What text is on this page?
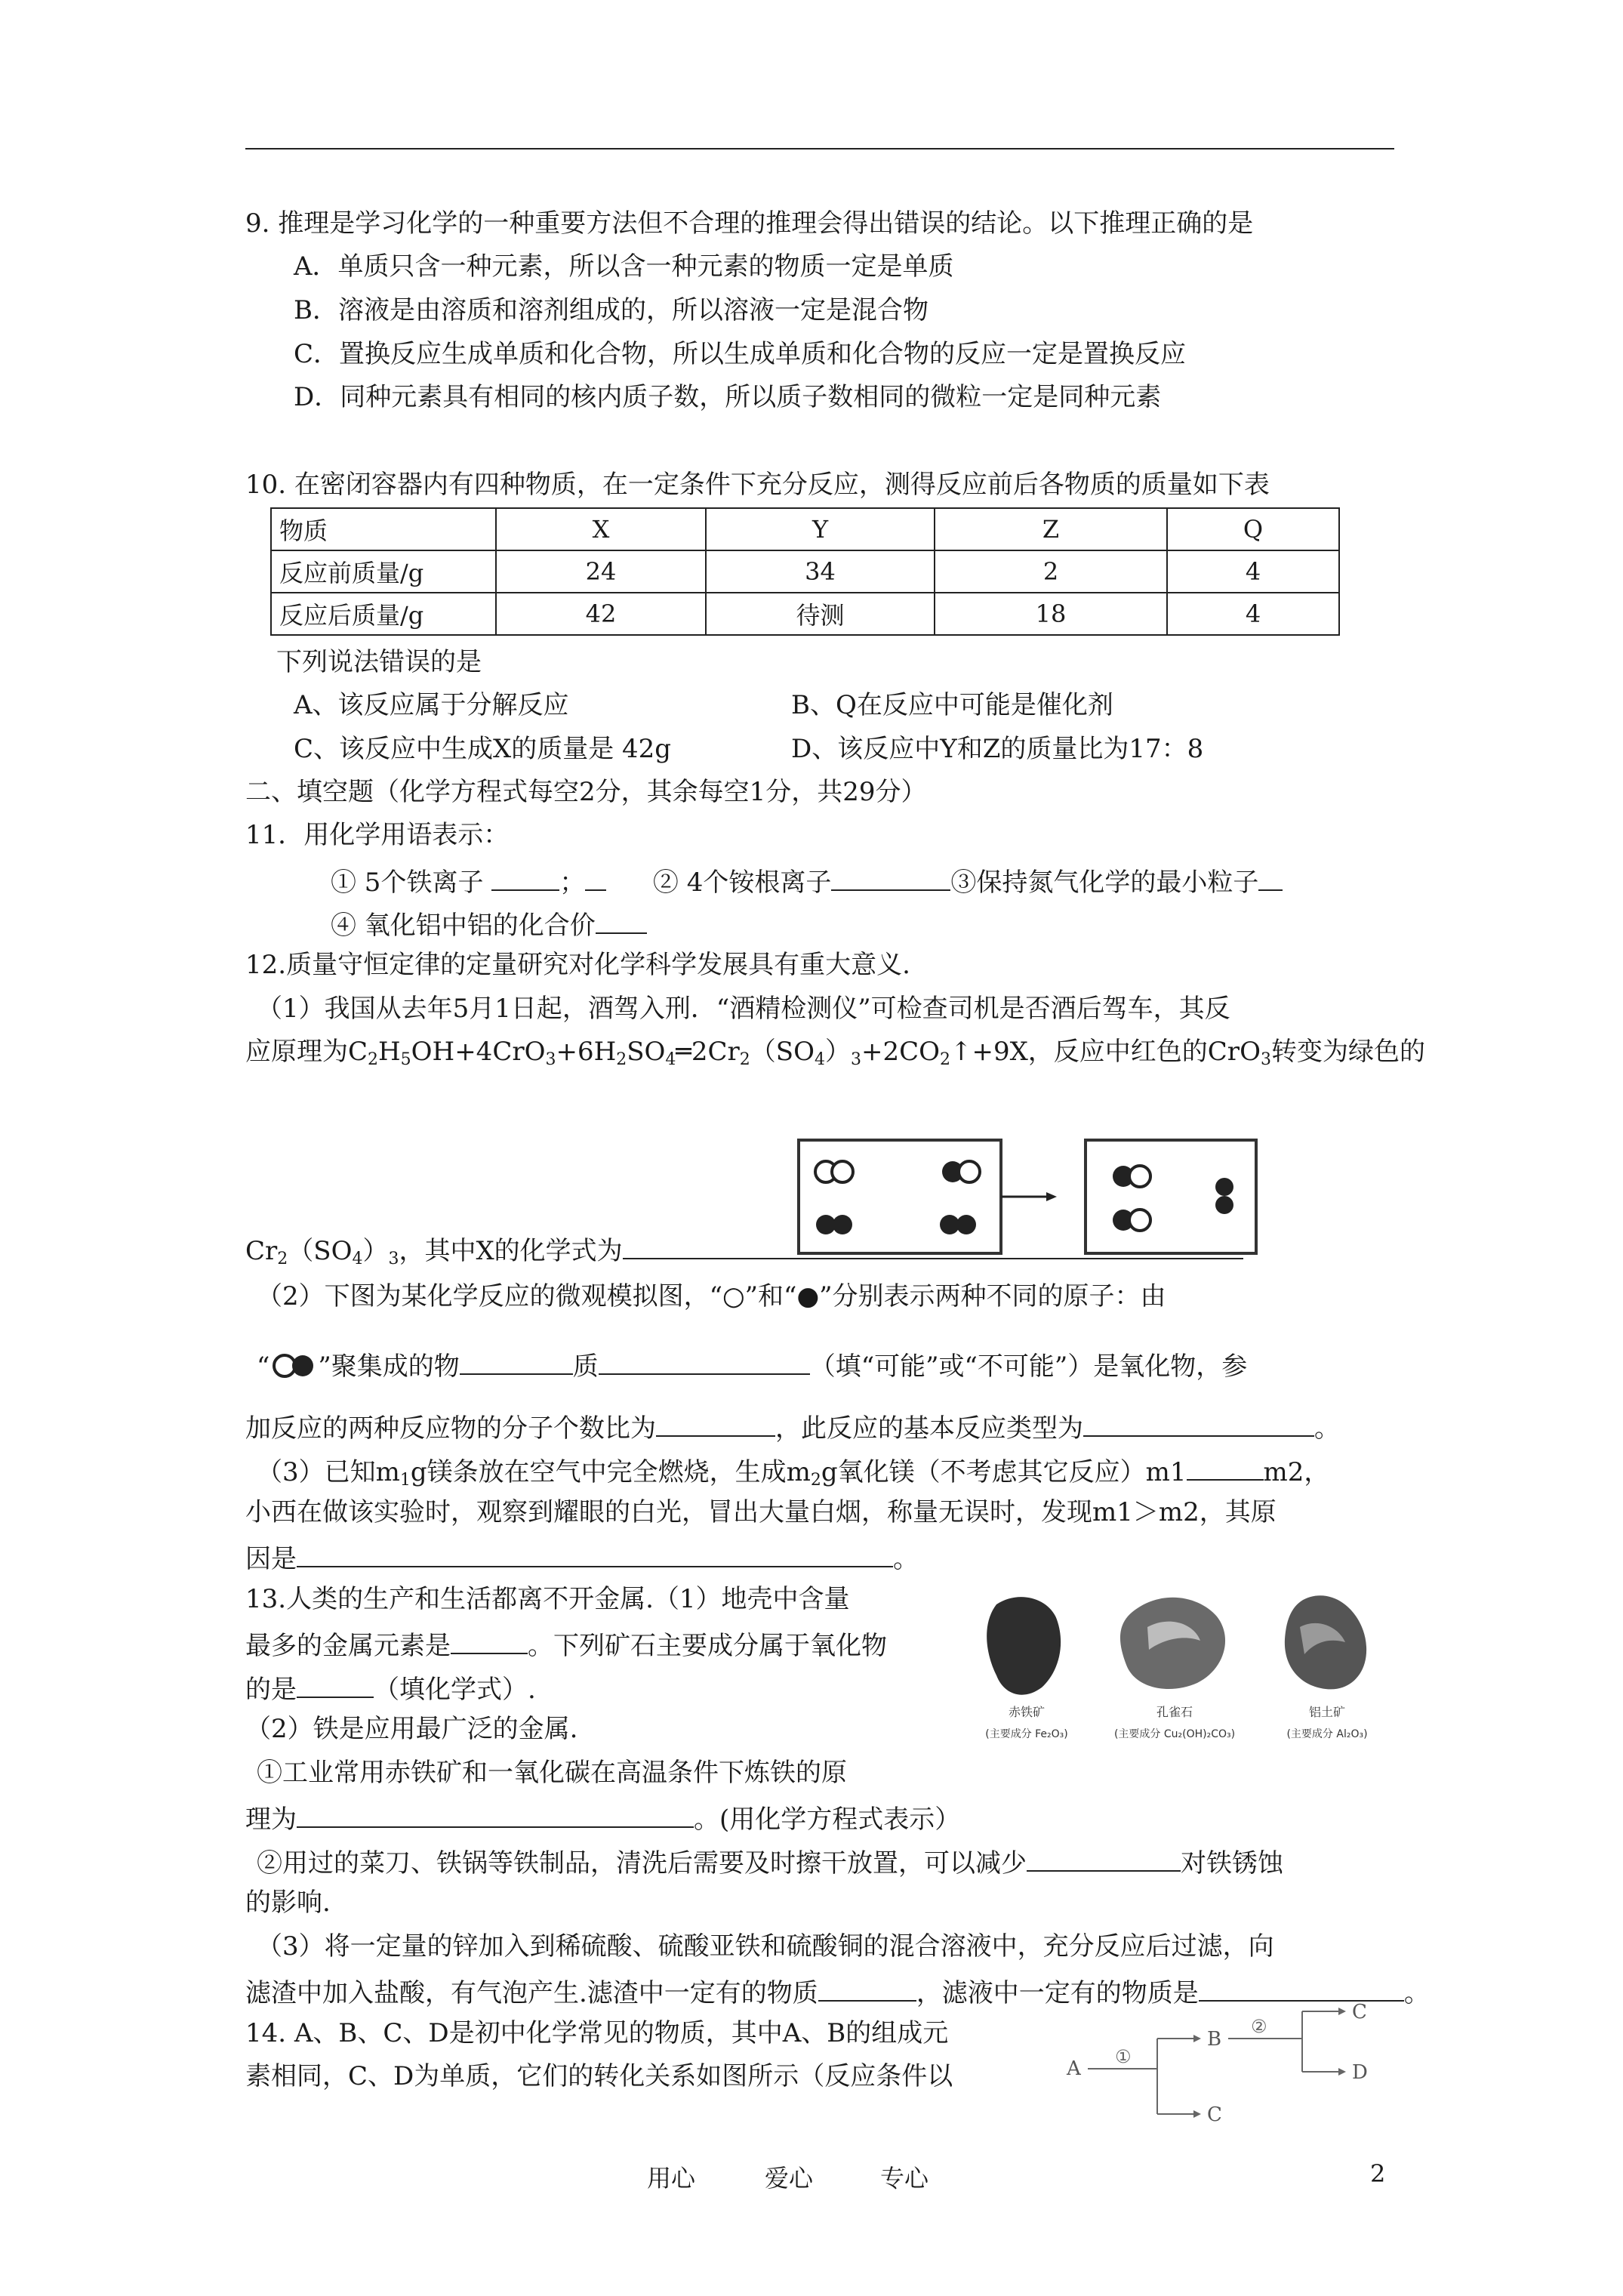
9. 推理是学习化学的一种重要方法但不合理的推理会得出错误的结论。以下推理正确的是
A．单质只含一种元素，所以含一种元素的物质一定是单质
B．溶液是由溶质和溶剂组成的，所以溶液一定是混合物
C．置换反应生成单质和化合物，所以生成单质和化合物的反应一定是置换反应
D．同种元素具有相同的核内质子数，所以质子数相同的微粒一定是同种元素
10. 在密闭容器内有四种物质，在一定条件下充分反应，测得反应前后各物质的质量如下表
物质	X	Y	Z	Q
反应前质量/g	24	34	2	4
反应后质量/g	42	待测	18	4
下列说法错误的是
A、该反应属于分解反应	B、Q在反应中可能是催化剂
C、该反应中生成X的质量是 42g	D、该反应中Y和Z的质量比为17：8
二、填空题（化学方程式每空2分，其余每空1分，共29分）
11．用化学用语表示：
① 5个铁离子	；	② 4个铵根离子	③保持氮气化学的最小粒子
④ 氧化铝中铝的化合价
12.质量守恒定律的定量研究对化学科学发展具有重大意义.
（1）我国从去年5月1日起，酒驾入刑．“酒精检测仪”可检查司机是否酒后驾车，其反
应原理为$C_2H_5OH+4CrO_3+6H_2SO_4═2Cr_2(SO_4)_3+2CO_2↑+9X$，反应中红色的CrO$_3$转变为绿色的
$Cr_2(SO_4)_3$，其中X的化学式为
（2）下图为某化学反应的微观模拟图，“○”和“●”分别表示两种不同的原子：由
“ ”聚集成的物	质	（填“可能”或“不可能”）是氧化物，参
加反应的两种反应物的分子个数比为	，此反应的基本反应类型为	。
（3）已知$m_1g$镁条放在空气中完全燃烧，生成$m_2g$氧化镁（不考虑其它反应）m1	m2，
小西在做该实验时，观察到耀眼的白光，冒出大量白烟，称量无误时，发现m1＞m2，其原
因是	。
13.人类的生产和生活都离不开金属.（1）地壳中含量
最多的金属元素是	。下列矿石主要成分属于氧化物
的是	（填化学式）.
（2）铁是应用最广泛的金属.
①工业常用赤铁矿和一氧化碳在高温条件下炼铁的原
理为	。(用化学方程式表示）
②用过的菜刀、铁锅等铁制品，清洗后需要及时擦干放置，可以减少	对铁锈蚀
的影响.
（3）将一定量的锌加入到稀硫酸、硫酸亚铁和硫酸铜的混合溶液中，充分反应后过滤，向
滤渣中加入盐酸，有气泡产生.滤渣中一定有的物质	，滤液中一定有的物质是	。
赤铁矿
(主要成分 Fe₂O₃)
孔雀石
(主要成分 Cu₂(OH)₂CO₃)
铝土矿
(主要成分 Al₂O₃)
14. A、B、C、D是初中化学常见的物质，其中A、B的组成元
素相同，C、D为单质，它们的转化关系如图所示（反应条件以	A
①
B
C
②
C
D
用心	爱心	专心	2
